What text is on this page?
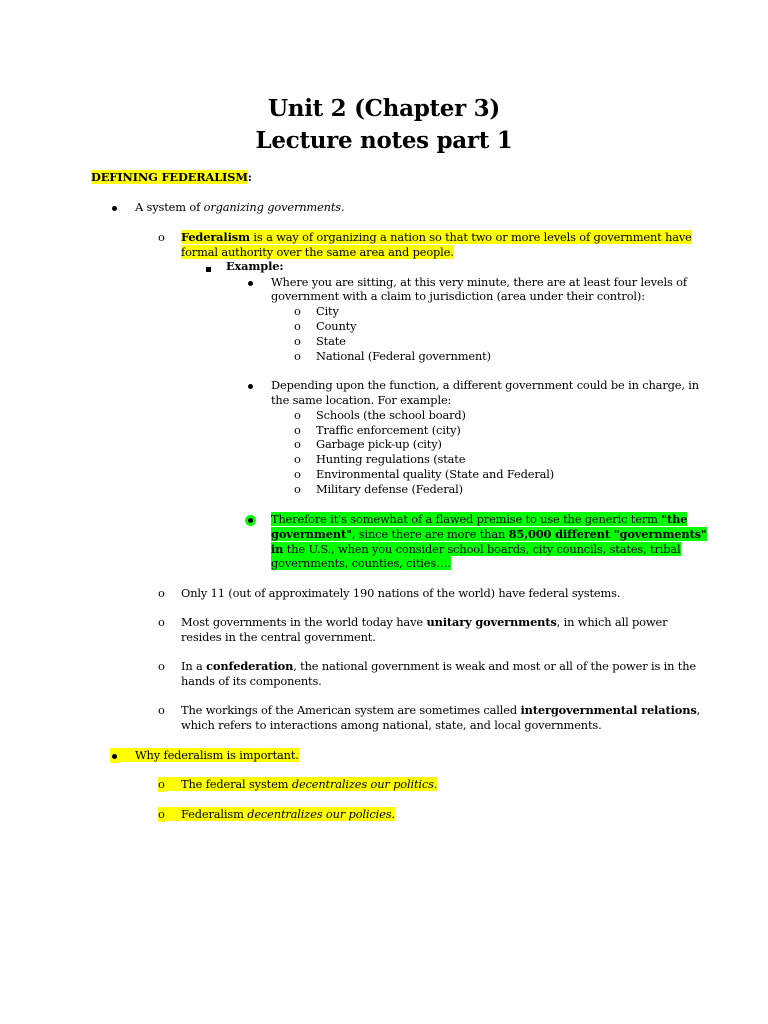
Unit 2 (Chapter 3)
Lecture notes part 1
DEFINING FEDERALISM:
A system of organizing governments.
o Federalism is a way of organizing a nation so that two or more levels of government have
formal authority over the same area and people.
Example:
Where you are sitting, at this very minute, there are at least four levels of
government with a claim to jurisdiction (area under their control):
o City
o County
o State
o National (Federal government)
Depending upon the function, a different government could be in charge, in
the same location. For example:
o Schools (the school board)
o Traffic enforcement (city)
o Garbage pick-up (city)
o Hunting regulations (state
o Environmental quality (State and Federal)
o Military defense (Federal)
Therefore it's somewhat of a flawed premise to use the generic term "the
government", since there are more than 85,000 different "governments"
in the U.S., when you consider school boards, city councils, states, tribal
governments, counties, cities….
o Only 11 (out of approximately 190 nations of the world) have federal systems.
o Most governments in the world today have unitary governments, in which all power
resides in the central government.
o In a confederation, the national government is weak and most or all of the power is in the
hands of its components.
o The workings of the American system are sometimes called intergovernmental relations,
which refers to interactions among national, state, and local governments.
Why federalism is important.
o	The federal system decentralizes our politics.
o	Federalism decentralizes our policies.
